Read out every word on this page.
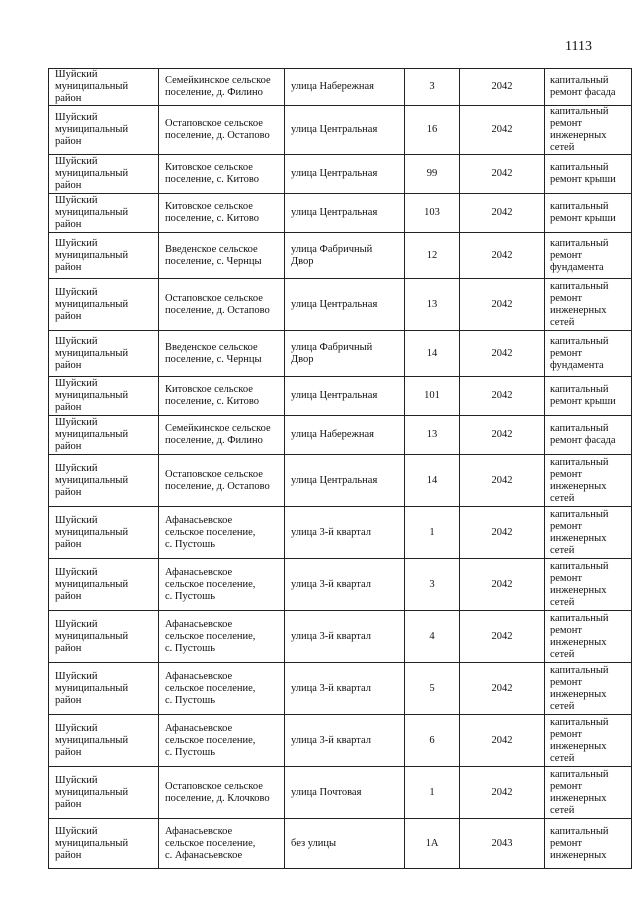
1113
Шуйский
муниципальный
район	Семейкинское сельское
поселение, д. Филино	улица Набережная	3	2042	капитальный
ремонт фасада
Шуйский
муниципальный
район	Остаповское сельское
поселение, д. Остапово	улица Центральная	16	2042	капитальный
ремонт
инженерных
сетей
Шуйский
муниципальный
район	Китовское сельское
поселение, с. Китово	улица Центральная	99	2042	капитальный
ремонт крыши
Шуйский
муниципальный
район	Китовское сельское
поселение, с. Китово	улица Центральная	103	2042	капитальный
ремонт крыши
Шуйский
муниципальный
район	Введенское сельское
поселение, с. Чернцы	улица Фабричный
Двор	12	2042	капитальный
ремонт
фундамента
Шуйский
муниципальный
район	Остаповское сельское
поселение, д. Остапово	улица Центральная	13	2042	капитальный
ремонт
инженерных
сетей
Шуйский
муниципальный
район	Введенское сельское
поселение, с. Чернцы	улица Фабричный
Двор	14	2042	капитальный
ремонт
фундамента
Шуйский
муниципальный
район	Китовское сельское
поселение, с. Китово	улица Центральная	101	2042	капитальный
ремонт крыши
Шуйский
муниципальный
район	Семейкинское сельское
поселение, д. Филино	улица Набережная	13	2042	капитальный
ремонт фасада
Шуйский
муниципальный
район	Остаповское сельское
поселение, д. Остапово	улица Центральная	14	2042	капитальный
ремонт
инженерных
сетей
Шуйский
муниципальный
район	Афанасьевское
сельское поселение,
с. Пустошь	улица 3-й квартал	1	2042	капитальный
ремонт
инженерных
сетей
Шуйский
муниципальный
район	Афанасьевское
сельское поселение,
с. Пустошь	улица 3-й квартал	3	2042	капитальный
ремонт
инженерных
сетей
Шуйский
муниципальный
район	Афанасьевское
сельское поселение,
с. Пустошь	улица 3-й квартал	4	2042	капитальный
ремонт
инженерных
сетей
Шуйский
муниципальный
район	Афанасьевское
сельское поселение,
с. Пустошь	улица 3-й квартал	5	2042	капитальный
ремонт
инженерных
сетей
Шуйский
муниципальный
район	Афанасьевское
сельское поселение,
с. Пустошь	улица 3-й квартал	6	2042	капитальный
ремонт
инженерных
сетей
Шуйский
муниципальный
район	Остаповское сельское
поселение, д. Клочково	улица Почтовая	1	2042	капитальный
ремонт
инженерных
сетей
Шуйский
муниципальный
район	Афанасьевское
сельское поселение,
с. Афанасьевское	без улицы	1А	2043	капитальный
ремонт
инженерных
